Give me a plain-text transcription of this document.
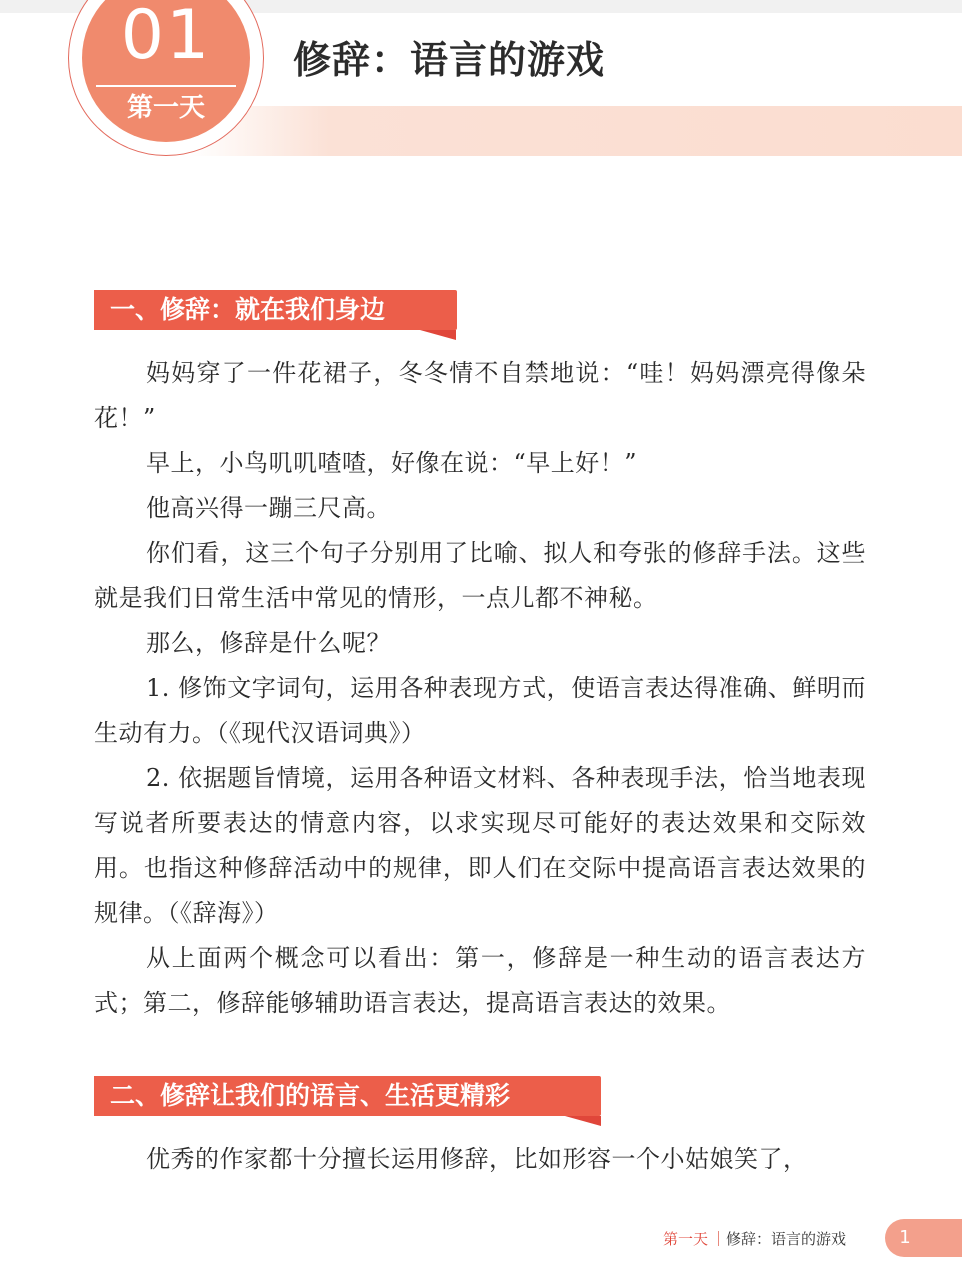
01
第一天
修辞：语言的游戏
一、修辞：就在我们身边

妈妈穿了一件花裙子，冬冬情不自禁地说：“哇！妈妈漂亮得像朵花！”

早上，小鸟叽叽喳喳，好像在说：“早上好！”

他高兴得一蹦三尺高。

你们看，这三个句子分别用了比喻、拟人和夸张的修辞手法。这些就是我们日常生活中常见的情形，一点儿都不神秘。

那么，修辞是什么呢？

1. 修饰文字词句，运用各种表现方式，使语言表达得准确、鲜明而生动有力。（《现代汉语词典》）

2. 依据题旨情境，运用各种语文材料、各种表现手法，恰当地表现写说者所要表达的情意内容，以求实现尽可能好的表达效果和交际效用。也指这种修辞活动中的规律，即人们在交际中提高语言表达效果的规律。（《辞海》）

从上面两个概念可以看出：第一，修辞是一种生动的语言表达方式；第二，修辞能够辅助语言表达，提高语言表达的效果。

二、修辞让我们的语言、生活更精彩

优秀的作家都十分擅长运用修辞，比如形容一个小姑娘笑了，

第一天 修辞：语言的游戏	1
